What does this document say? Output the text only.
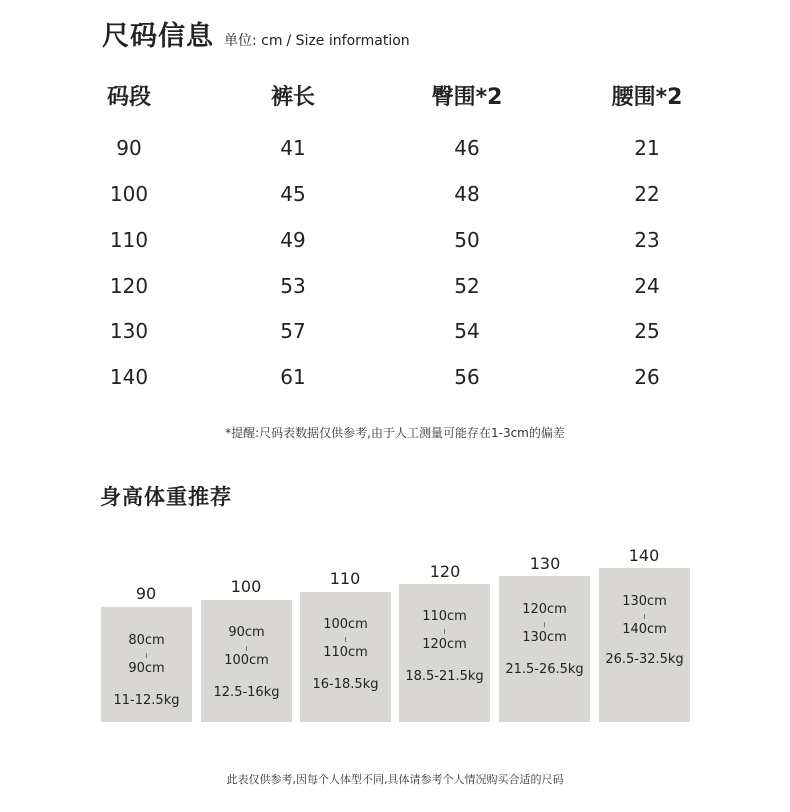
尺码信息 单位: cm / Size information
码段	裤长	臀围*2	腰围*2
90	41	46	21
100	45	48	22
110	49	50	23
120	53	52	24
130	57	54	25
140	61	56	26
*提醒:尺码表数据仅供参考,由于人工测量可能存在1-3cm的偏差
身高体重推荐
90
80cm
≀
90cm
11-12.5kg
100
90cm
≀
100cm
12.5-16kg
110
100cm
≀
110cm
16-18.5kg
120
110cm
≀
120cm
18.5-21.5kg
130
120cm
≀
130cm
21.5-26.5kg
140
130cm
≀
140cm
26.5-32.5kg
此表仅供参考,因每个人体型不同,具体请参考个人情况购买合适的尺码
